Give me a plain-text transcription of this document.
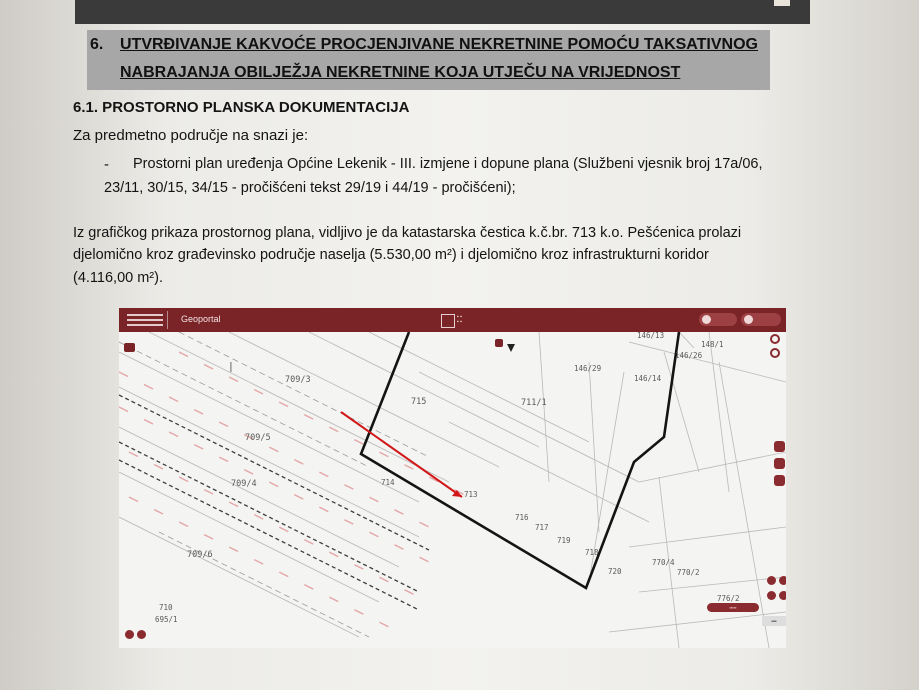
6. UTVRĐIVANJE KAKVOĆE PROCJENJIVANE NEKRETNINE POMOĆU TAKSATIVNOG
NABRAJANJA OBILJEŽJA NEKRETNINE KOJA UTJEČU NA VRIJEDNOST
6.1. PROSTORNO PLANSKA DOKUMENTACIJA
Za predmetno područje na snazi je:
- Prostorni plan uređenja Općine Lekenik - III. izmjene i dopune plana (Službeni vjesnik broj 17a/06,
23/11, 30/15, 34/15 - pročišćeni tekst 29/19 i 44/19 - pročišćeni);
Iz grafičkog prikaza prostornog plana, vidljivo je da katastarska čestica k.č.br. 713 k.o. Pešćenica prolazi
djelomično kroz građevinsko područje naselja (5.530,00 m²) i djelomično kroz infrastrukturni koridor
(4.116,00 m²).
Geoportal	▪ ▪
▪ ▪
I
709/3
715	711/1
709/5
709/4	714
713
716
717
719
718
720
709/6
710
695/1
146/29
146/14
146/13
146/26
148/1
770/4
770/2
776/2
▪▪▪▪▪
▬
